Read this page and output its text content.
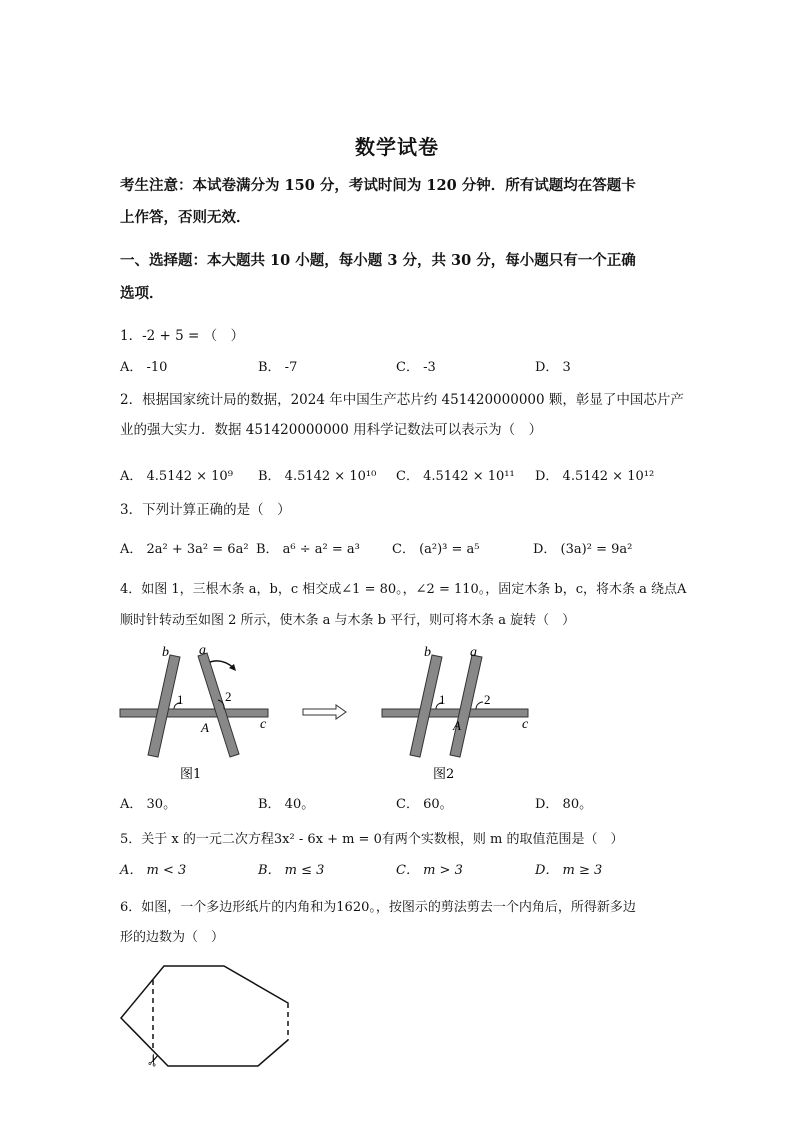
数学试卷
考生注意：本试卷满分为 150 分，考试时间为 120 分钟．所有试题均在答题卡
上作答，否则无效．
一、选择题：本大题共 10 小题，每小题 3 分，共 30 分，每小题只有一个正确
选项．
1．-2 + 5 = （　）
A． -10	B． -7	C． -3	D． 3
2．根据国家统计局的数据，2024 年中国生产芯片约 451420000000 颗，彰显了中国芯片产
业的强大实力．数据 451420000000 用科学记数法可以表示为（　）
A． 4.5142 × 10⁹ B． 4.5142 × 10¹⁰ C． 4.5142 × 10¹¹ D． 4.5142 × 10¹²
3．下列计算正确的是（　）
A． 2a² + 3a² = 6a² B． a⁶ ÷ a² = a³ C． (a²)³ = a⁵	D． (3a)² = 9a²
4．如图 1，三根木条 a，b，c 相交成∠1 = 80。，∠2 = 110。，固定木条 b，c，将木条 a 绕点A
顺时针转动至如图 2 所示，使木条 a 与木条 b 平行，则可将木条 a 旋转（　）
b a
1	2
A	c
图1
b	a
1	2
A	c
图2
A． 30。	B． 40。	C． 60。	D． 80。
5．关于 x 的一元二次方程3x² - 6x + m = 0有两个实数根，则 m 的取值范围是（　）
A． m < 3	B． m ≤ 3	C． m > 3	D． m ≥ 3
6．如图，一个多边形纸片的内角和为1620。，按图示的剪法剪去一个内角后，所得新多边
形的边数为（　）
✂
